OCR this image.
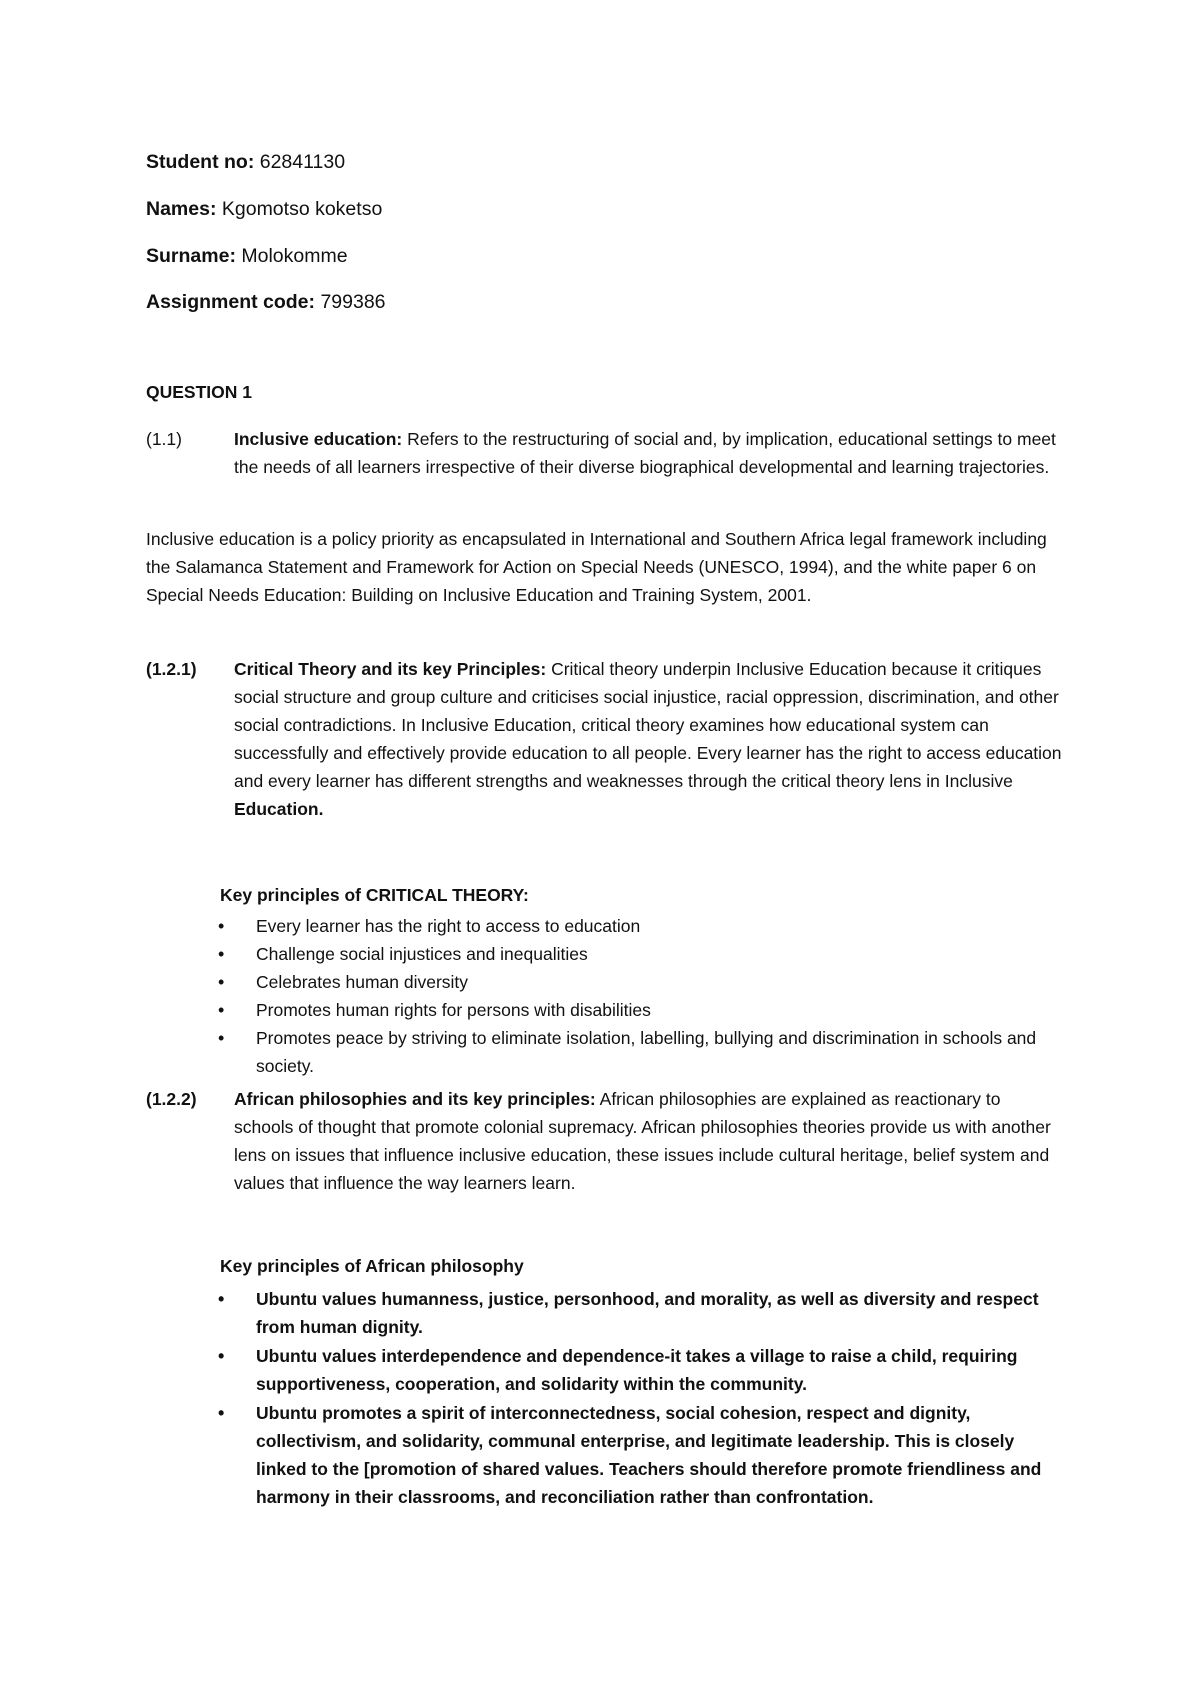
Student no: 62841130
Names: Kgomotso koketso
Surname: Molokomme
Assignment code: 799386
QUESTION 1
(1.1)	Inclusive education: Refers to the restructuring of social and, by implication, educational settings to meet the needs of all learners irrespective of their diverse biographical developmental and learning trajectories.
Inclusive education is a policy priority as encapsulated in International and Southern Africa legal framework including the Salamanca Statement and Framework for Action on Special Needs (UNESCO, 1994), and the white paper 6 on Special Needs Education: Building on Inclusive Education and Training System, 2001.
(1.2.1) Critical Theory and its key Principles: Critical theory underpin Inclusive Education because it critiques social structure and group culture and criticises social injustice, racial oppression, discrimination, and other social contradictions. In Inclusive Education, critical theory examines how educational system can successfully and effectively provide education to all people. Every learner has the right to access education and every learner has different strengths and weaknesses through the critical theory lens in Inclusive Education.
Key principles of CRITICAL THEORY:
• Every learner has the right to access to education
• Challenge social injustices and inequalities
• Celebrates human diversity
• Promotes human rights for persons with disabilities
• Promotes peace by striving to eliminate isolation, labelling, bullying and discrimination in schools and society.
(1.2.2) African philosophies and its key principles: African philosophies are explained as reactionary to schools of thought that promote colonial supremacy. African philosophies theories provide us with another lens on issues that influence inclusive education, these issues include cultural heritage, belief system and values that influence the way learners learn.
Key principles of African philosophy
• Ubuntu values humanness, justice, personhood, and morality, as well as diversity and respect from human dignity.
• Ubuntu values interdependence and dependence-it takes a village to raise a child, requiring supportiveness, cooperation, and solidarity within the community.
• Ubuntu promotes a spirit of interconnectedness, social cohesion, respect and dignity, collectivism, and solidarity, communal enterprise, and legitimate leadership. This is closely linked to the [promotion of shared values. Teachers should therefore promote friendliness and harmony in their classrooms, and reconciliation rather than confrontation.
